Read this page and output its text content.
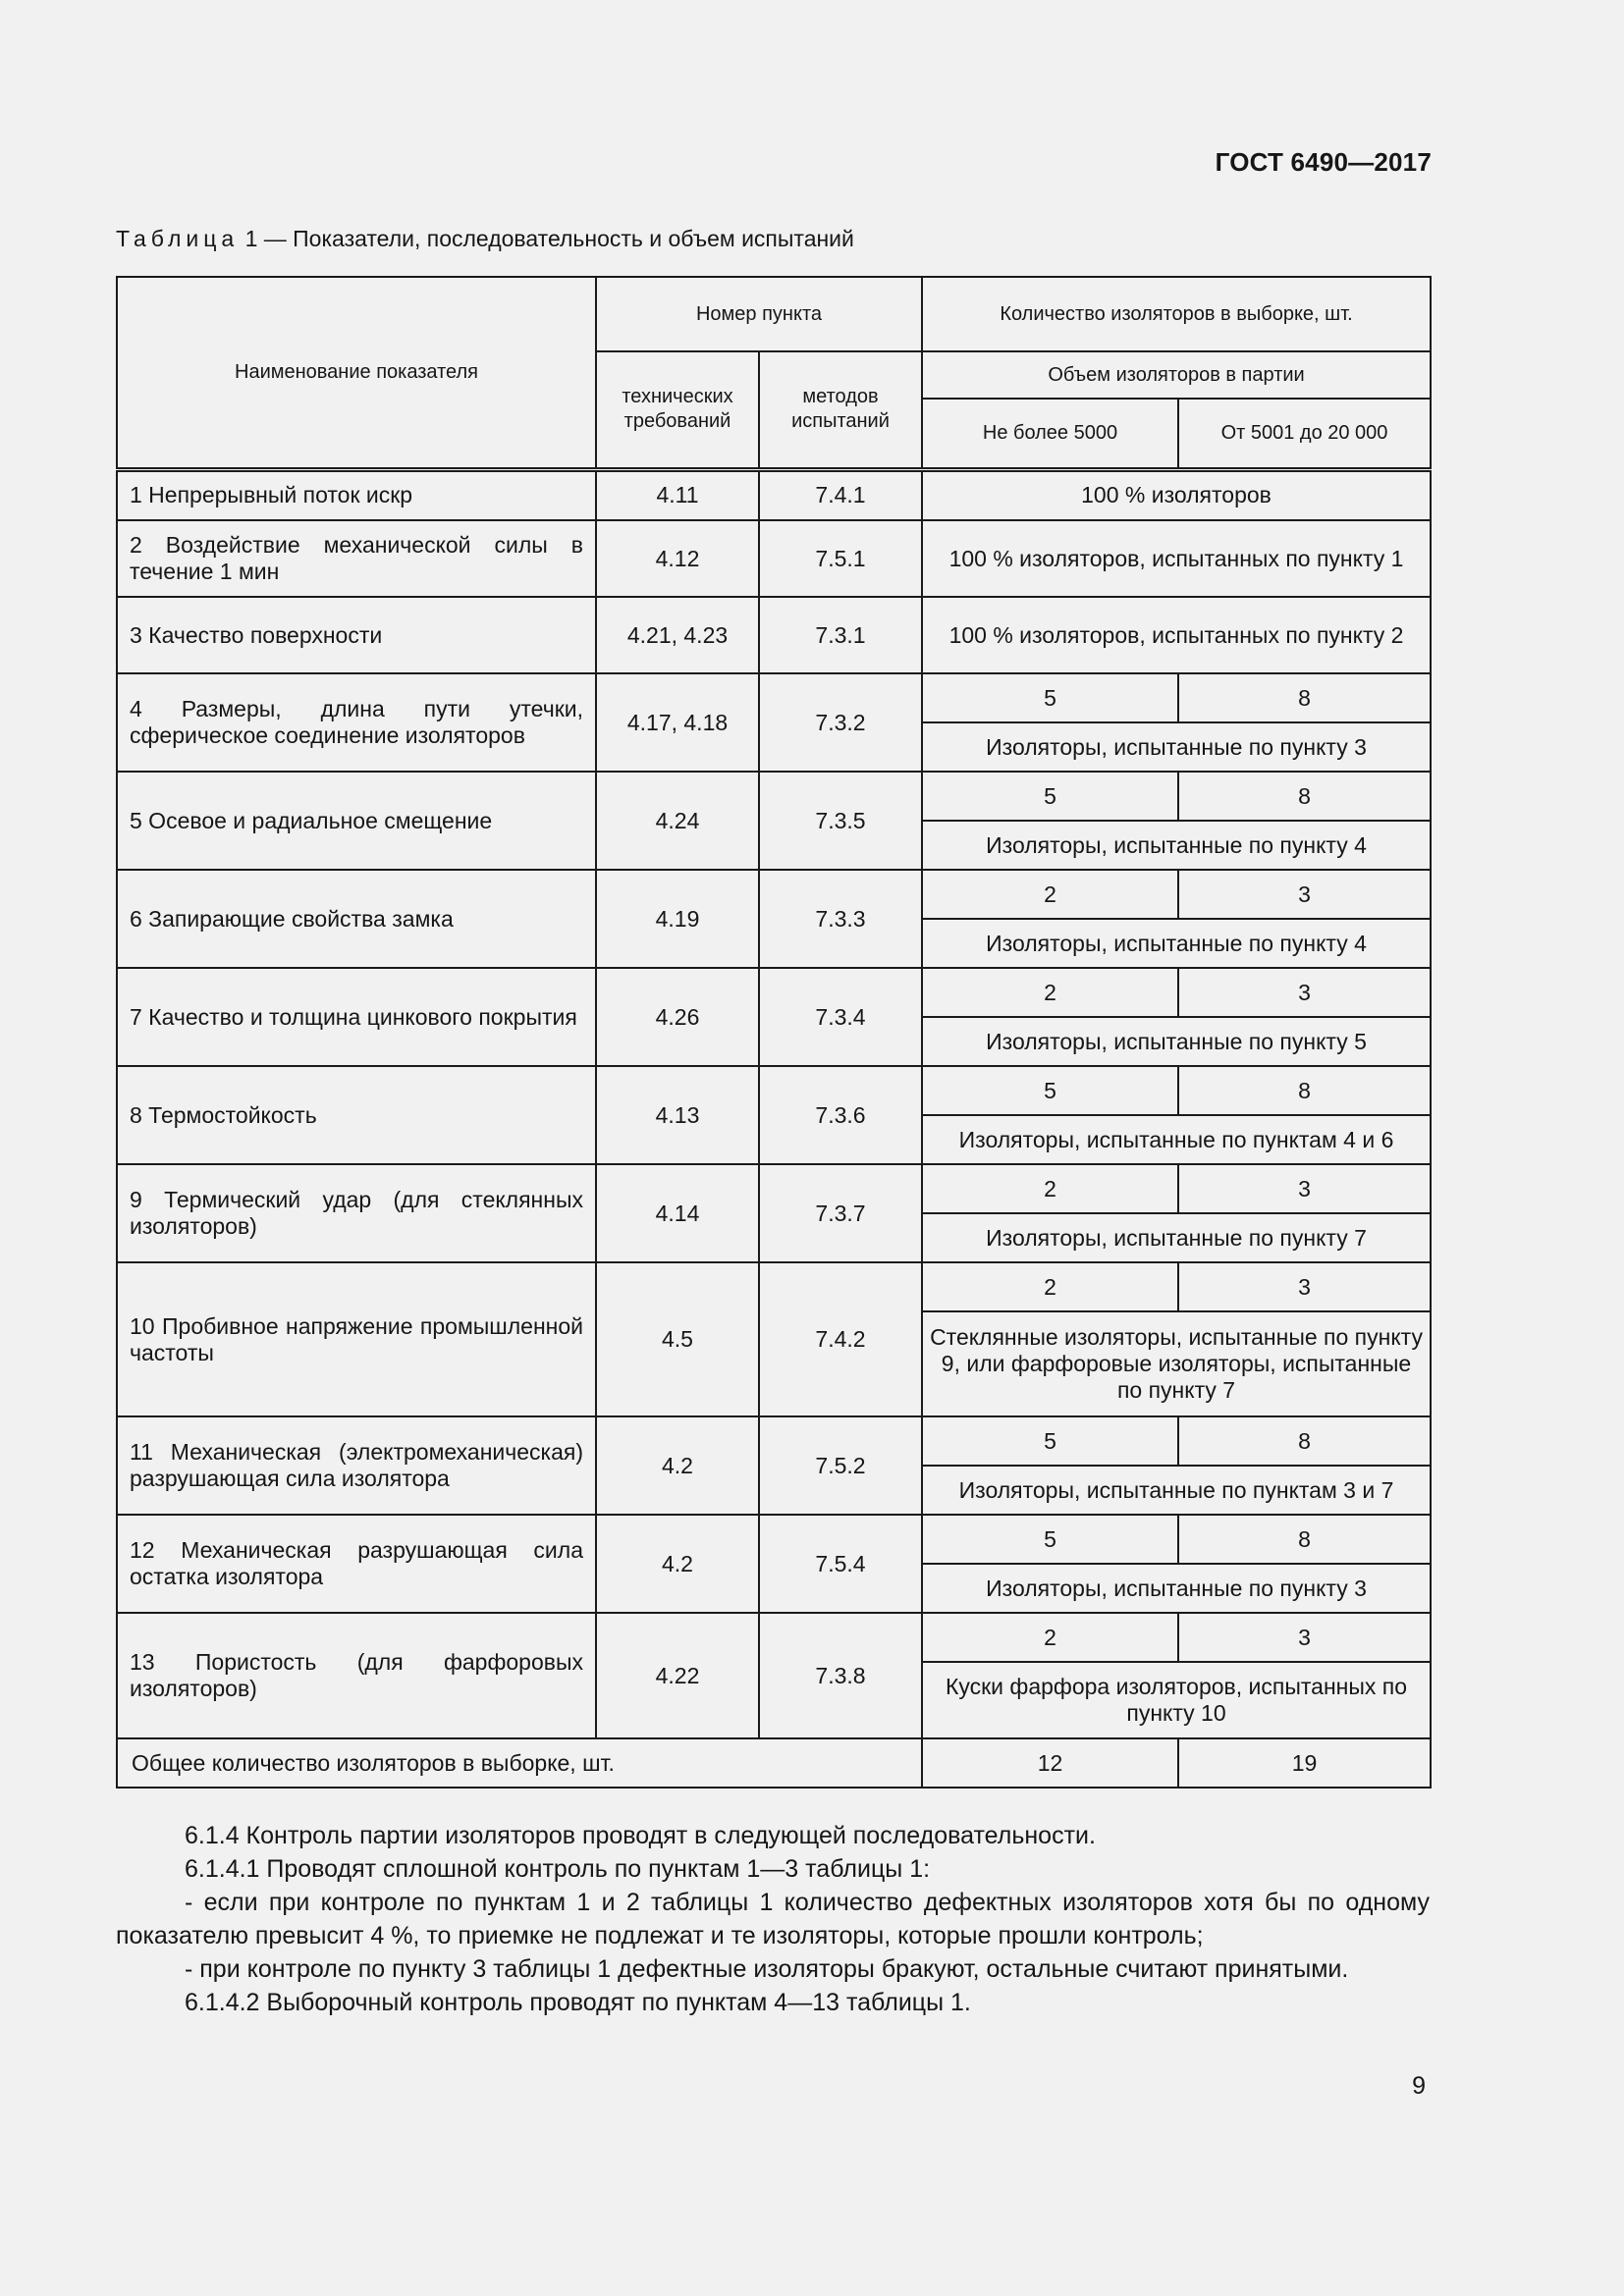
ГОСТ 6490—2017
Таблица 1 — Показатели, последовательность и объем испытаний
Наименование показателя	Номер пункта		Количество изоляторов в выборке, шт.	
	технических требований	методов испытаний	Объем изоляторов в партии	
			Не более 5000	От 5001 до 20 000
1 Непрерывный поток искр	4.11	7.4.1	100 % изоляторов	
2 Воздействие механической силы в течение 1 мин	4.12	7.5.1	100 % изоляторов, испытанных по пункту 1	
3 Качество поверхности	4.21, 4.23	7.3.1	100 % изоляторов, испытанных по пункту 2	
4 Размеры, длина пути утечки, сферическое соединение изоляторов	4.17, 4.18	7.3.2	5	8
			Изоляторы, испытанные по пункту 3	
5 Осевое и радиальное смещение	4.24	7.3.5	5	8
			Изоляторы, испытанные по пункту 4	
6 Запирающие свойства замка	4.19	7.3.3	2	3
			Изоляторы, испытанные по пункту 4	
7 Качество и толщина цинкового покрытия	4.26	7.3.4	2	3
			Изоляторы, испытанные по пункту 5	
8 Термостойкость	4.13	7.3.6	5	8
			Изоляторы, испытанные по пунктам 4 и 6	
9 Термический удар (для стеклянных изоляторов)	4.14	7.3.7	2	3
			Изоляторы, испытанные по пункту 7	
10 Пробивное напряжение промышленной частоты	4.5	7.4.2	2	3
			Стеклянные изоляторы, испытанные по пункту 9, или фарфоровые изоляторы, испытанные по пункту 7	
11 Механическая (электромеханическая) разрушающая сила изолятора	4.2	7.5.2	5	8
			Изоляторы, испытанные по пунктам 3 и 7	
12 Механическая разрушающая сила остатка изолятора	4.2	7.5.4	5	8
			Изоляторы, испытанные по пункту 3	
13 Пористость (для фарфоровых изоляторов)	4.22	7.3.8	2	3
			Куски фарфора изоляторов, испытанных по пункту 10	
Общее количество изоляторов в выборке, шт.			12	19

6.1.4 Контроль партии изоляторов проводят в следующей последовательности.

6.1.4.1 Проводят сплошной контроль по пунктам 1—3 таблицы 1:

- если при контроле по пунктам 1 и 2 таблицы 1 количество дефектных изоляторов хотя бы по одному показателю превысит 4 %, то приемке не подлежат и те изоляторы, которые прошли контроль;

- при контроле по пункту 3 таблицы 1 дефектные изоляторы бракуют, остальные считают принятыми.

6.1.4.2 Выборочный контроль проводят по пунктам 4—13 таблицы 1.

9
